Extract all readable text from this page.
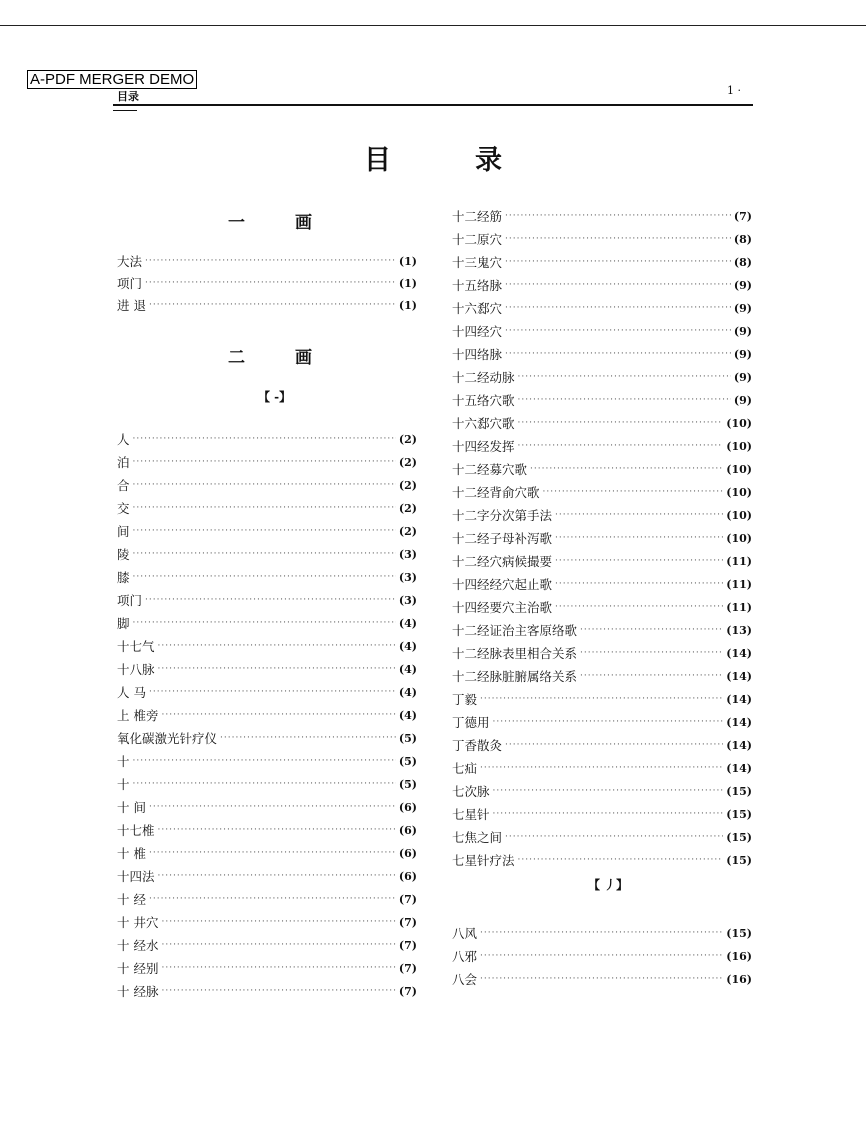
A-PDF MERGER DEMO
目录	1 ·
目录
一画
二画
【 -】
【 丿】
大法 ·····	(1)
项门 ·····	(1)
进 退 ·····	(1)
人 ·····	(2)
泊 ·····	(2)
合 ·····	(2)
交 ·····	(2)
间 ·····	(2)
陵 ·····	(3)
膝 ·····	(3)
项门 ·····	(3)
脚 ·····	(4)
十七气 ·····	(4)
十八脉 ·····	(4)
人 马 ·····	(4)
上 椎旁 ·····	(4)
氧化碳激光针疗仪 ·····	(5)
十 ·····	(5)
十 ·····	(5)
十 间 ·····	(6)
十七椎 ·····	(6)
十 椎 ·····	(6)
十四法 ·····	(6)
十 经 ·····	(7)
十 井穴 ·····	(7)
十 经水 ·····	(7)
十 经别 ·····	(7)
十 经脉 ·····	(7)
十二经筋 ·····	(7)
十二原穴 ·····	(8)
十三鬼穴 ·····	(8)
十五络脉 ·····	(9)
十六郄穴 ·····	(9)
十四经穴 ·····	(9)
十四络脉 ·····	(9)
十二经动脉 ·····	(9)
十五络穴歌 ·····	(9)
十六郄穴歌 ·····	(10)
十四经发挥 ·····	(10)
十二经募穴歌 ·····	(10)
十二经背俞穴歌 ·····	(10)
十二字分次第手法 ·····	(10)
十二经子母补泻歌 ·····	(10)
十二经穴病候撮要 ·····	(11)
十四经经穴起止歌 ·····	(11)
十四经要穴主治歌 ·····	(11)
十二经证治主客原络歌 ·····	(13)
十二经脉表里相合关系 ·····	(14)
十二经脉脏腑属络关系 ·····	(14)
丁毅 ·····	(14)
丁德用 ·····	(14)
丁香散灸 ·····	(14)
七疝 ·····	(14)
七次脉 ·····	(15)
七星针 ·····	(15)
七焦之间 ·····	(15)
七星针疗法 ·····	(15)
八风 ·····	(15)
八邪 ·····	(16)
八会 ·····	(16)
